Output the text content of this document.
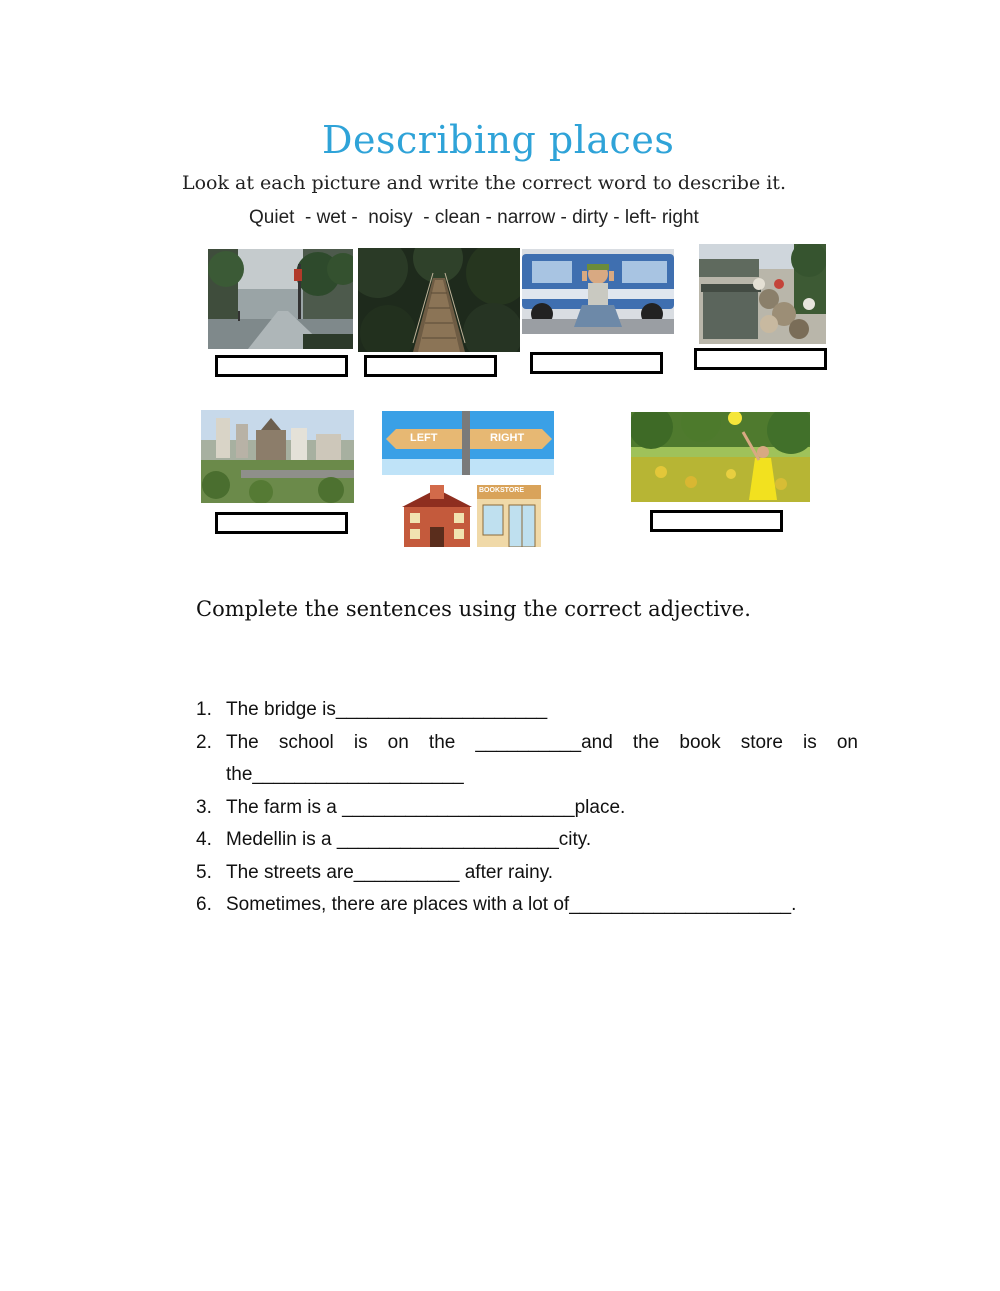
Describing places
Look at each picture and write the correct word to describe it.
Quiet  - wet -  noisy  - clean - narrow - dirty - left- right
LEFT	RIGHT
BOOKSTORE
Complete the sentences using the correct adjective.
1. The bridge is____________________
2. The school is on the __________and the book store is on
the____________________
3. The farm is a ______________________place.
4. Medellin is a _____________________city.
5. The streets are__________ after rainy.
6. Sometimes, there are places with a lot of_____________________.
